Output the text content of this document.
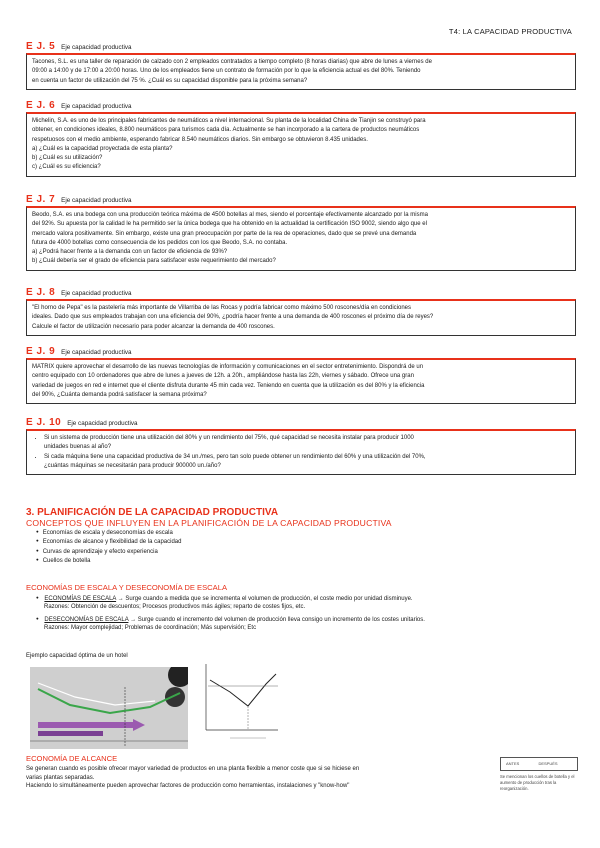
T4: LA CAPACIDAD PRODUCTIVA
E J. 5 Eje capacidad productiva
Tacones, S.L. es una taller de reparación de calzado con 2 empleados contratados a tiempo completo (8 horas diarias) que abre de lunes a viernes de
09:00 a 14:00 y de 17:00 a 20:00 horas. Uno de los empleados tiene un contrato de formación por lo que la eficiencia actual es del 80%. Teniendo
en cuenta un factor de utilización del 75 %. ¿Cuál es su capacidad disponible para la próxima semana?
E J. 6 Eje capacidad productiva
Michelin, S.A. es uno de los principales fabricantes de neumáticos a nivel internacional. Su planta de la localidad China de Tianjin se construyó para
obtener, en condiciones ideales, 8.800 neumáticos para turismos cada día. Actualmente se han incorporado a la cartera de productos neumáticos
respetuosos con el medio ambiente, esperando fabricar 8.540 neumáticos diarios. Sin embargo se obtuvieron 8.435 unidades.
a) ¿Cuál es la capacidad proyectada de esta planta?
b) ¿Cuál es su utilización?
c) ¿Cuál es su eficiencia?
E J. 7 Eje capacidad productiva
Beodo, S.A. es una bodega con una producción teórica máxima de 4500 botellas al mes, siendo el porcentaje efectivamente alcanzado por la misma
del 92%. Su apuesta por la calidad le ha permitido ser la única bodega que ha obtenido en la actualidad la certificación ISO 9002, siendo algo que el
mercado valora positivamente. Sin embargo, existe una gran preocupación por parte de la rea de operaciones, dado que se prevé una demanda
futura de 4000 botellas como consecuencia de los pedidos con los que Beodo, S.A. no contaba.
a) ¿Podrá hacer frente a la demanda con un factor de eficiencia de 93%?
b) ¿Cuál debería ser el grado de eficiencia para satisfacer este requerimiento del mercado?
E J. 8 Eje capacidad productiva
"El horno de Pepa" es la pastelería más importante de Villarriba de las Rocas y podría fabricar como máximo 500 roscones/día en condiciones
ideales. Dado que sus empleados trabajan con una eficiencia del 90%, ¿podría hacer frente a una demanda de 400 roscones el próximo día de reyes?
Calcule el factor de utilización necesario para poder alcanzar la demanda de 400 roscones.
E J. 9 Eje capacidad productiva
MATRIX quiere aprovechar el desarrollo de las nuevas tecnologías de información y comunicaciones en el sector entretenimiento. Dispondrá de un
centro equipado con 10 ordenadores que abre de lunes a jueves de 12h. a 20h., ampliándose hasta las 22h, viernes y sábado. Ofrece una gran
variedad de juegos en red e internet que el cliente disfruta durante 45 min cada vez. Teniendo en cuenta que la utilización es del 80% y la eficiencia
del 90%, ¿Cuánta demanda podrá satisfacer la semana próxima?
E J. 10 Eje capacidad productiva
• Si un sistema de producción tiene una utilización del 80% y un rendimiento del 75%, qué capacidad se necesita instalar para producir 1000
unidades buenas al año?
• Si cada máquina tiene una capacidad productiva de 34 un./mes, pero tan solo puede obtener un rendimiento del 60% y una utilización del 70%,
¿cuántas máquinas se necesitarán para producir 900000 un./año?
3. PLANIFICACIÓN DE LA CAPACIDAD PRODUCTIVA
CONCEPTOS QUE INFLUYEN EN LA PLANIFICACIÓN DE LA CAPACIDAD PRODUCTIVA
● Economías de escala y deseconomías de escala
● Economías de alcance y flexibilidad de la capacidad
● Curvas de aprendizaje y efecto experiencia
● Cuellos de botella
ECONOMÍAS DE ESCALA Y DESECONOMÍA DE ESCALA
● ECONOMÍAS DE ESCALA → Surge cuando a medida que se incrementa el volumen de producción, el coste medio por unidad disminuye.
Razones: Obtención de descuentos; Procesos productivos más ágiles; reparto de costes fijos, etc.
● DESECONOMÍAS DE ESCALA → Surge cuando el incremento del volumen de producción lleva consigo un incremento de los costes unitarios.
Razones: Mayor complejidad; Problemas de coordinación; Más supervisión; Etc
Ejemplo capacidad óptima de un hotel
ECONOMÍA DE ALCANCE
Se generan cuando es posible ofrecer mayor variedad de productos en una planta flexible a menor coste que si se hiciese en
varias plantas separadas.
Haciendo lo simultáneamente pueden aprovechar factores de producción como herramientas, instalaciones y "know-how"
ANTES	DESPUÉS
Se mencionan los cuellos de botella y el aumento de producción tras la reorganización.
